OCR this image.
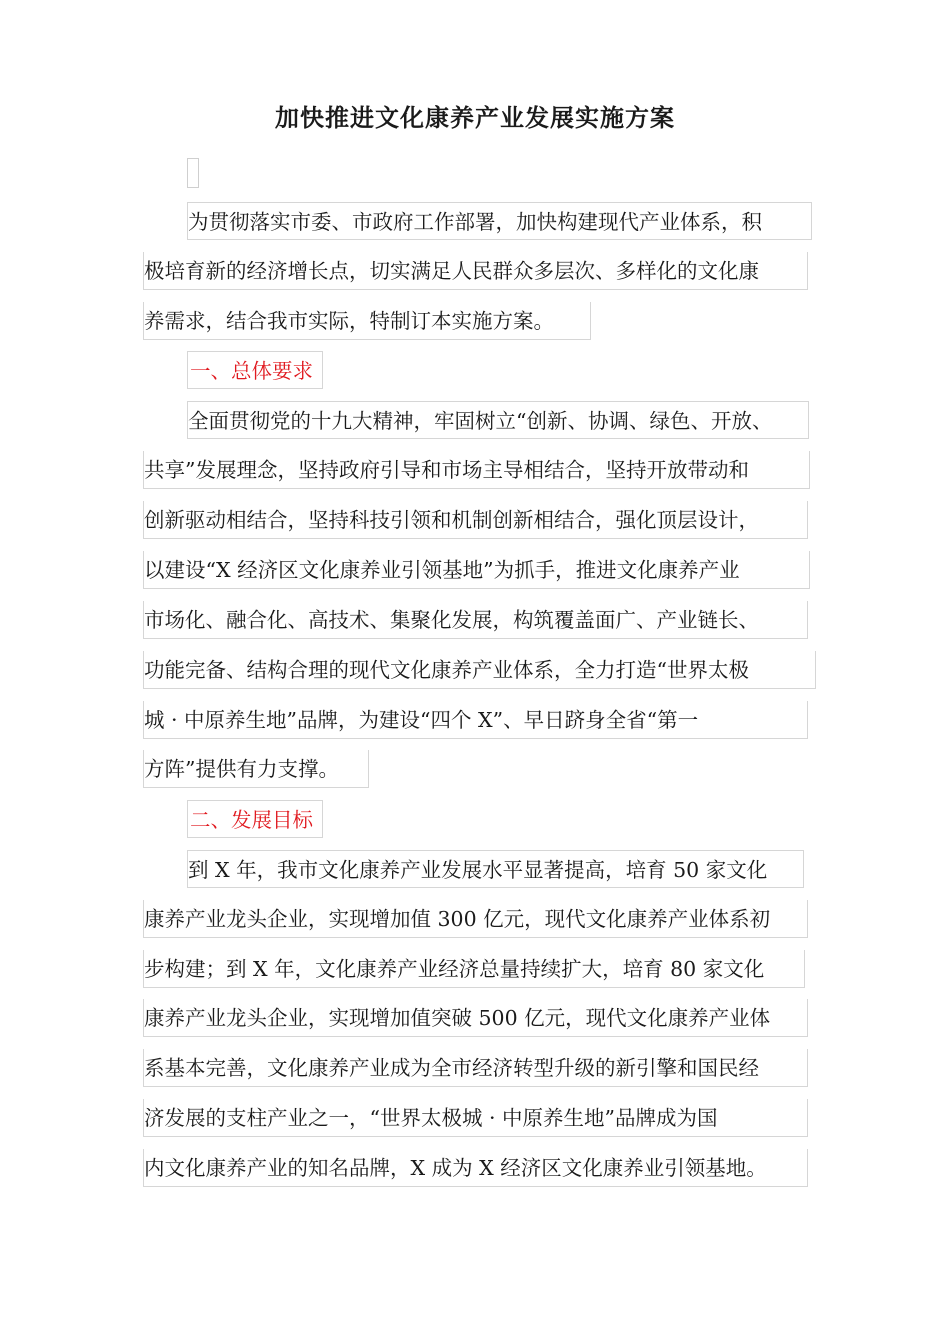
加快推进文化康养产业发展实施方案
为贯彻落实市委、市政府工作部署，加快构建现代产业体系，积
极培育新的经济增长点，切实满足人民群众多层次、多样化的文化康
养需求，结合我市实际，特制订本实施方案。
一、总体要求
全面贯彻党的十九大精神，牢固树立“创新、协调、绿色、开放、
共享”发展理念，坚持政府引导和市场主导相结合，坚持开放带动和
创新驱动相结合，坚持科技引领和机制创新相结合，强化顶层设计，
以建设“X 经济区文化康养业引领基地”为抓手，推进文化康养产业
市场化、融合化、高技术、集聚化发展，构筑覆盖面广、产业链长、
功能完备、结构合理的现代文化康养产业体系，全力打造“世界太极
城 · 中原养生地”品牌，为建设“四个 X”、早日跻身全省“第一
方阵”提供有力支撑。
二、发展目标
到 X 年，我市文化康养产业发展水平显著提高，培育 50 家文化
康养产业龙头企业，实现增加值 300 亿元，现代文化康养产业体系初
步构建；到 X 年，文化康养产业经济总量持续扩大，培育 80 家文化
康养产业龙头企业，实现增加值突破 500 亿元，现代文化康养产业体
系基本完善，文化康养产业成为全市经济转型升级的新引擎和国民经
济发展的支柱产业之一，“世界太极城 · 中原养生地”品牌成为国
内文化康养产业的知名品牌，X 成为 X 经济区文化康养业引领基地。
